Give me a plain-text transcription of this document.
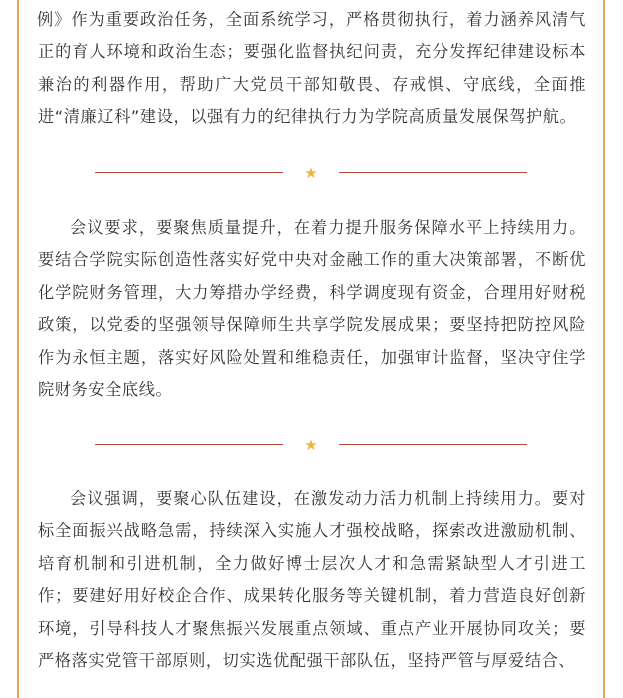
例》作为重要政治任务，全面系统学习，严格贯彻执行，着力涵养风清气正的育人环境和政治生态；要强化监督执纪问责，充分发挥纪律建设标本兼治的利器作用，帮助广大党员干部知敬畏、存戒惧、守底线，全面推进“清廉辽科”建设，以强有力的纪律执行力为学院高质量发展保驾护航。

★

会议要求，要聚焦质量提升，在着力提升服务保障水平上持续用力。要结合学院实际创造性落实好党中央对金融工作的重大决策部署，不断优化学院财务管理，大力筹措办学经费，科学调度现有资金，合理用好财税政策，以党委的坚强领导保障师生共享学院发展成果；要坚持把防控风险作为永恒主题，落实好风险处置和维稳责任，加强审计监督，坚决守住学院财务安全底线。

★

会议强调，要聚心队伍建设，在激发动力活力机制上持续用力。要对标全面振兴战略急需，持续深入实施人才强校战略，探索改进激励机制、培育机制和引进机制，全力做好博士层次人才和急需紧缺型人才引进工作；要建好用好校企合作、成果转化服务等关键机制，着力营造良好创新环境，引导科技人才聚焦振兴发展重点领域、重点产业开展协同攻关；要严格落实党管干部原则，切实选优配强干部队伍，坚持严管与厚爱结合、
